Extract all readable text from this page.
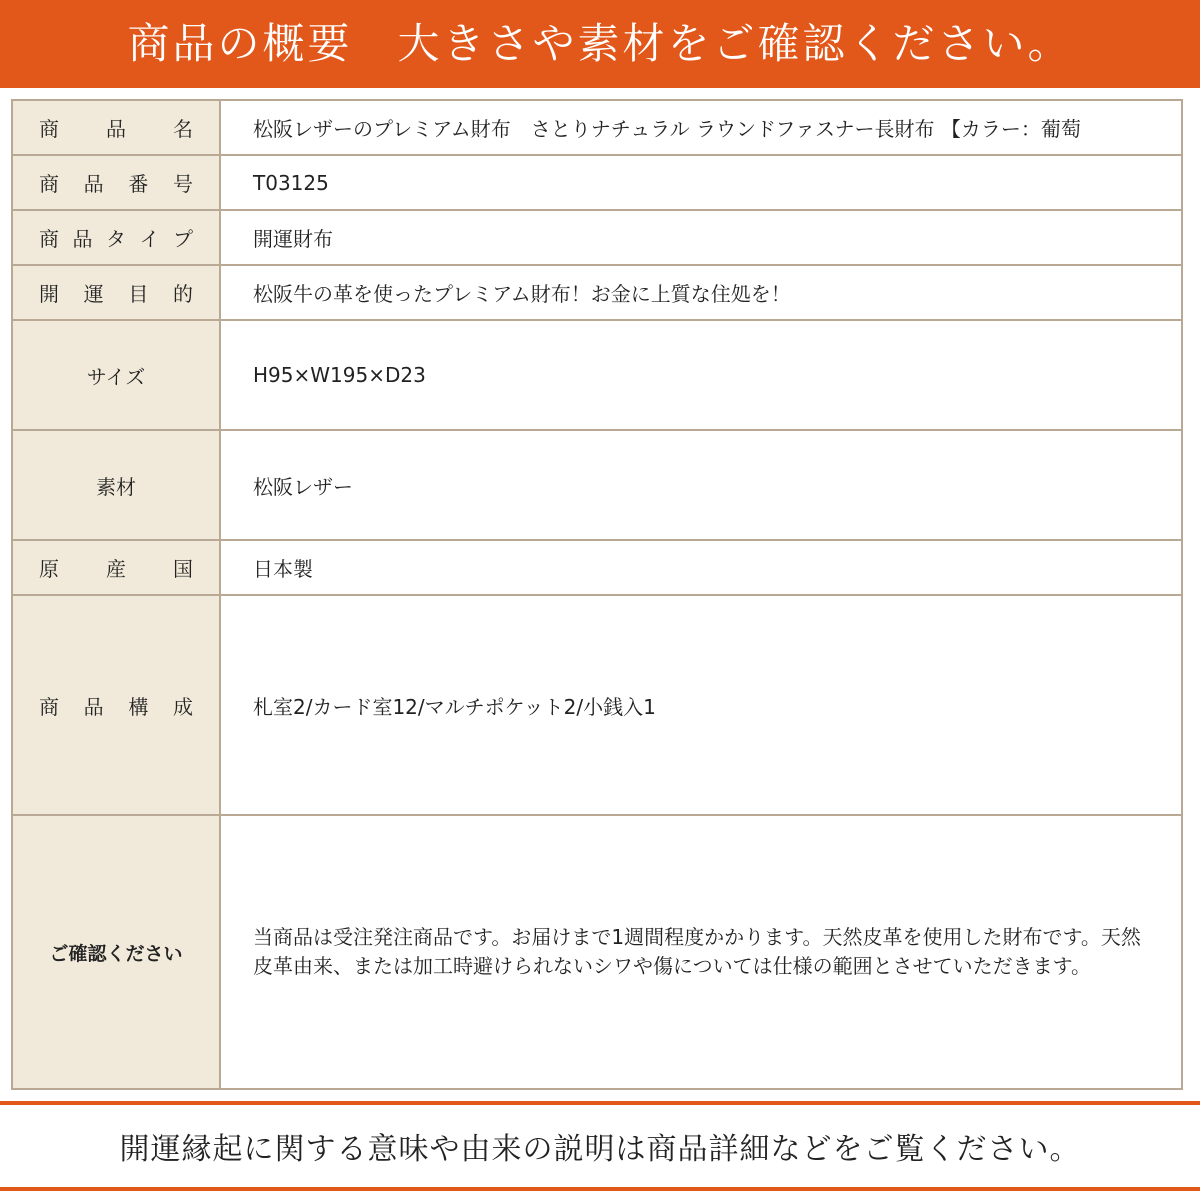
商品の概要　大きさや素材をご確認ください。
商 品 名	松阪レザーのプレミアム財布　さとりナチュラル ラウンドファスナー長財布 【カラー：葡萄

商 品 番 号	T03125

商 品 タ イ プ	開運財布

開 運 目 的	松阪牛の革を使ったプレミアム財布！お金に上質な住処を！
サイズ	H95×W195×D23
素材	松阪レザー

原 産 国	日本製

商 品 構 成	札室2/カード室12/マルチポケット2/小銭入1
ご確認ください	当商品は受注発注商品です。お届けまで1週間程度かかります。天然皮革を使用した財布です。天然皮革由来、または加工時避けられないシワや傷については仕様の範囲とさせていただきます。
開運縁起に関する意味や由来の説明は商品詳細などをご覧ください。
